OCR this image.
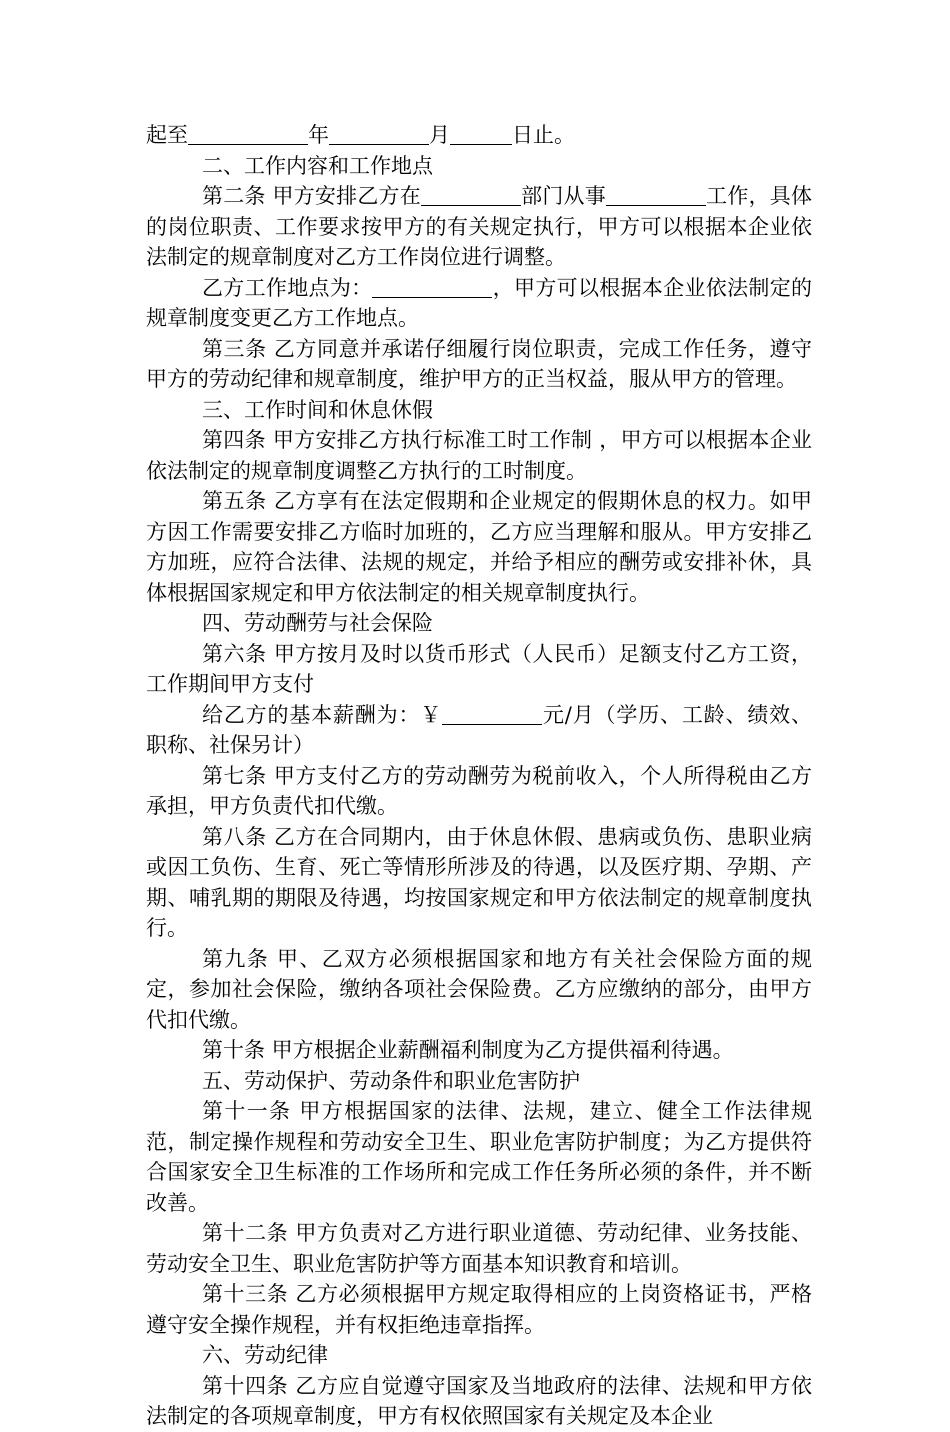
起至	年	月	日止。

二、工作内容和工作地点

第二条 甲方安排乙方在	部门从事	工作，具体的岗位职责、工作要求按甲方的有关规定执行，甲方可以根据本企业依法制定的规章制度对乙方工作岗位进行调整。

乙方工作地点为：	，甲方可以根据本企业依法制定的规章制度变更乙方工作地点。

第三条 乙方同意并承诺仔细履行岗位职责，完成工作任务，遵守甲方的劳动纪律和规章制度，维护甲方的正当权益，服从甲方的管理。

三、工作时间和休息休假

第四条 甲方安排乙方执行标准工时工作制 ，甲方可以根据本企业依法制定的规章制度调整乙方执行的工时制度。

第五条 乙方享有在法定假期和企业规定的假期休息的权力。如甲方因工作需要安排乙方临时加班的，乙方应当理解和服从。甲方安排乙方加班，应符合法律、法规的规定，并给予相应的酬劳或安排补休，具体根据国家规定和甲方依法制定的相关规章制度执行。

四、劳动酬劳与社会保险

第六条 甲方按月及时以货币形式（人民币）足额支付乙方工资，工作期间甲方支付

给乙方的基本薪酬为：￥	元/月（学历、工龄、绩效、职称、社保另计）

第七条 甲方支付乙方的劳动酬劳为税前收入，个人所得税由乙方承担，甲方负责代扣代缴。

第八条 乙方在合同期内，由于休息休假、患病或负伤、患职业病或因工负伤、生育、死亡等情形所涉及的待遇，以及医疗期、孕期、产期、哺乳期的期限及待遇，均按国家规定和甲方依法制定的规章制度执行。

第九条 甲、乙双方必须根据国家和地方有关社会保险方面的规定，参加社会保险，缴纳各项社会保险费。乙方应缴纳的部分，由甲方代扣代缴。

第十条 甲方根据企业薪酬福利制度为乙方提供福利待遇。

五、劳动保护、劳动条件和职业危害防护

第十一条 甲方根据国家的法律、法规，建立、健全工作法律规范，制定操作规程和劳动安全卫生、职业危害防护制度；为乙方提供符合国家安全卫生标准的工作场所和完成工作任务所必须的条件，并不断改善。

第十二条 甲方负责对乙方进行职业道德、劳动纪律、业务技能、劳动安全卫生、职业危害防护等方面基本知识教育和培训。

第十三条 乙方必须根据甲方规定取得相应的上岗资格证书，严格遵守安全操作规程，并有权拒绝违章指挥。

六、劳动纪律

第十四条 乙方应自觉遵守国家及当地政府的法律、法规和甲方依法制定的各项规章制度，甲方有权依照国家有关规定及本企业
